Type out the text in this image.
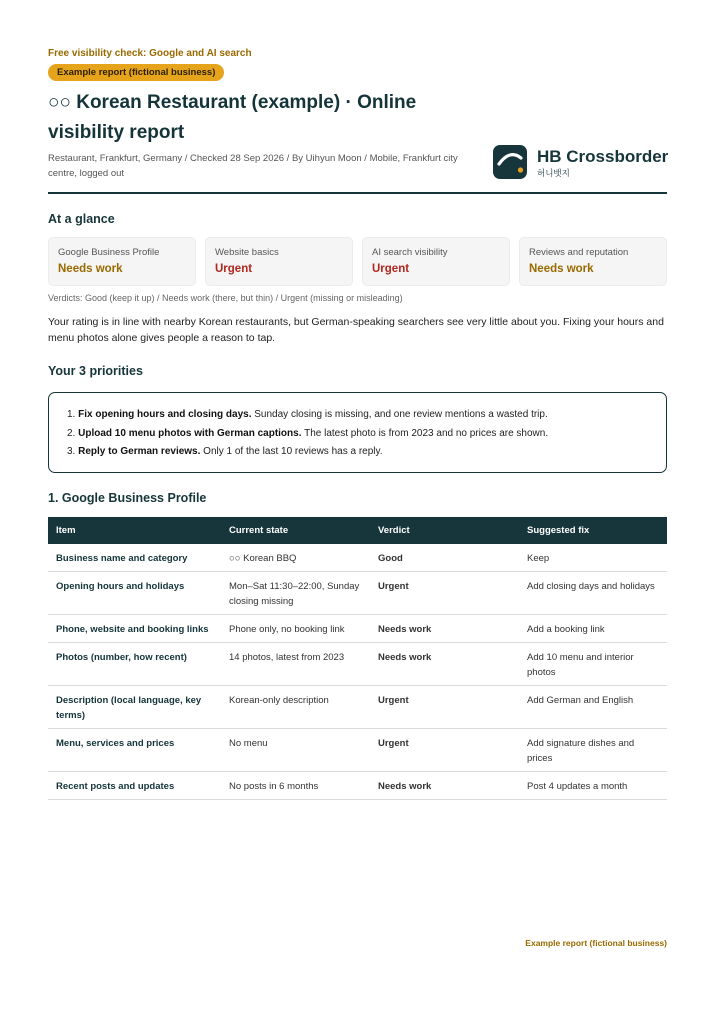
Free visibility check: Google and AI search
Example report (fictional business)
○○ Korean Restaurant (example) · Online visibility report
Restaurant, Frankfurt, Germany / Checked 28 Sep 2026 / By Uihyun Moon / Mobile, Frankfurt city centre, logged out
HB Crossborder
허니뱃지
At a glance
Google Business Profile
Needs work
Website basics
Urgent
AI search visibility
Urgent
Reviews and reputation
Needs work
Verdicts: Good (keep it up) / Needs work (there, but thin) / Urgent (missing or misleading)
Your rating is in line with nearby Korean restaurants, but German-speaking searchers see very little about you. Fixing your hours and menu photos alone gives people a reason to tap.
Your 3 priorities
1. Fix opening hours and closing days. Sunday closing is missing, and one review mentions a wasted trip.
2. Upload 10 menu photos with German captions. The latest photo is from 2023 and no prices are shown.
3. Reply to German reviews. Only 1 of the last 10 reviews has a reply.
1. Google Business Profile
Item	Current state	Verdict	Suggested fix
Business name and category	○○ Korean BBQ	Good	Keep
Opening hours and holidays	Mon–Sat 11:30–22:00, Sunday closing missing	Urgent	Add closing days and holidays
Phone, website and booking links	Phone only, no booking link	Needs work	Add a booking link
Photos (number, how recent)	14 photos, latest from 2023	Needs work	Add 10 menu and interior photos
Description (local language, key terms)	Korean-only description	Urgent	Add German and English
Menu, services and prices	No menu	Urgent	Add signature dishes and prices
Recent posts and updates	No posts in 6 months	Needs work	Post 4 updates a month
Example report (fictional business)
